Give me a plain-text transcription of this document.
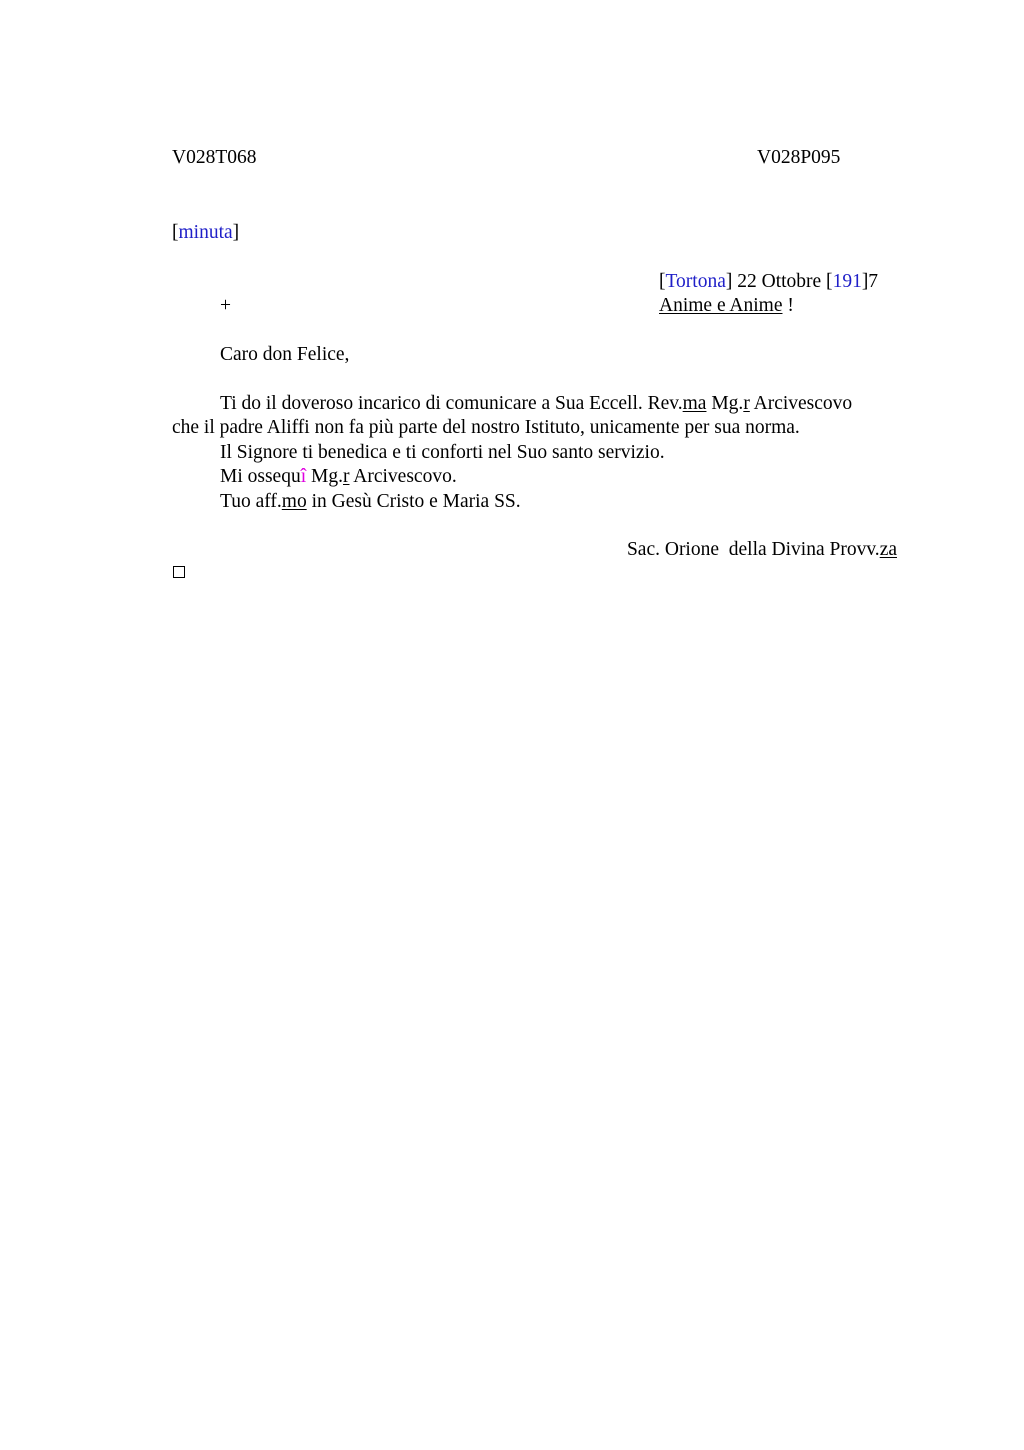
V028T068	V028P095
[minuta]
[Tortona] 22 Ottobre [191]7
+	Anime e Anime !
Caro don Felice,
Ti do il doveroso incarico di comunicare a Sua Eccell. Rev.ma Mg.r Arcivescovo
che il padre Aliffi non fa più parte del nostro Istituto, unicamente per sua norma.
Il Signore ti benedica e ti conforti nel Suo santo servizio.
Mi ossequî Mg.r Arcivescovo.
Tuo aff.mo in Gesù Cristo e Maria SS.
Sac. Orione  della Divina Provv.za
